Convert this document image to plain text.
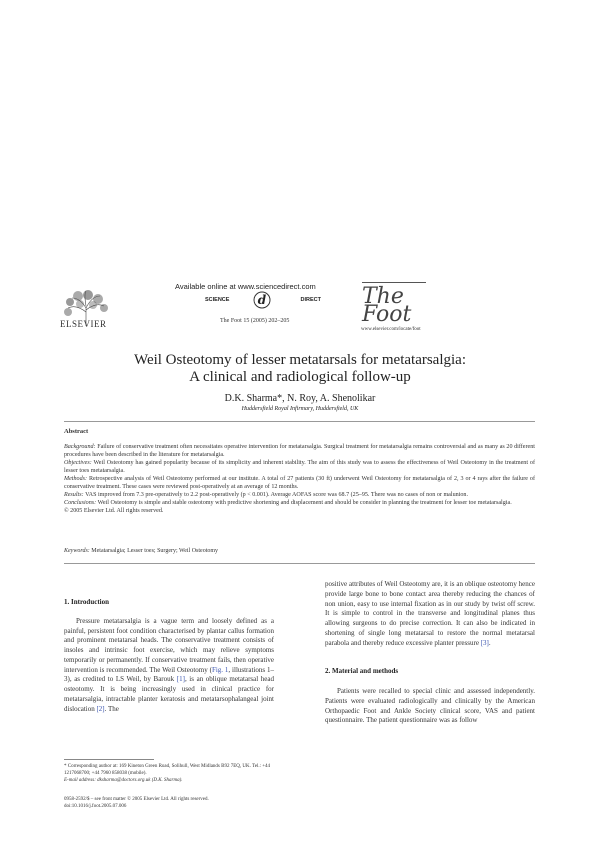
ELSEVIER
Available online at www.sciencedirect.com
SCIENCE d	DIRECT
The Foot 15 (2005) 202–205
The Foot
www.elsevier.com/locate/foot
Weil Osteotomy of lesser metatarsals for metatarsalgia:
A clinical and radiological follow-up
D.K. Sharma*, N. Roy, A. Shenolikar
Huddersfield Royal Infirmary, Huddersfield, UK
Abstract

Background: Failure of conservative treatment often necessitates operative intervention for metatarsalgia. Surgical treatment for metatarsalgia remains controversial and as many as 20 different procedures have been described in the literature for metatarsalgia.

Objectives: Weil Osteotomy has gained popularity because of its simplicity and inherent stability. The aim of this study was to assess the effectiveness of Weil Osteotomy in the treatment of lesser toes metatarsalgia.

Methods: Retrospective analysis of Weil Osteotomy performed at our institute. A total of 27 patients (30 ft) underwent Weil Osteotomy for metatarsalgia of 2, 3 or 4 rays after the failure of conservative treatment. These cases were reviewed post-operatively at an average of 12 months.

Results: VAS improved from 7.3 pre-operatively to 2.2 post-operatively (p < 0.001). Average AOFAS score was 68.7 (25–95. There was no cases of non or malunion.

Conclusions: Weil Osteotomy is simple and stable osteotomy with predictive shortening and displacement and should be consider in planning the treatment for lesser toe metatarsalgia.

© 2005 Elsevier Ltd. All rights reserved.

Keywords: Metatarsalgia; Lesser toes; Surgery; Weil Osteotomy
1. Introduction

Pressure metatarsalgia is a vague term and loosely defined as a painful, persistent foot condition characterised by plantar callus formation and prominent metatarsal heads. The conservative treatment consists of insoles and intrinsic foot exercise, which may relieve symptoms temporarily or permanently. If conservative treatment fails, then operative intervention is recommended. The Weil Osteotomy (Fig. 1, illustrations 1–3), as credited to LS Weil, by Barouk [1], is an oblique metatarsal head osteotomy. It is being increasingly used in clinical practice for metatarsalgia, intractable planter keratosis and metatarsophalangeal joint dislocation [2]. The

positive attributes of Weil Osteotomy are, it is an oblique osteotomy hence provide large bone to bone contact area thereby reducing the chances of non union, easy to use internal fixation as in our study by twist off screw. It is simple to control in the transverse and longitudinal planes thus allowing surgeons to do precise correction. It can also be indicated in shortening of single long metatarsal to restore the normal metatarsal parabola and thereby reduce excessive planter pressure [3].

2. Material and methods

Patients were recalled to special clinic and assessed independently. Patients were evaluated radiologically and clinically by the American Orthopaedic Foot and Ankle Society clinical score, VAS and patient questionnaire. The patient questionnaire was as follow

* Corresponding author at: 169 Kineton Green Road, Solihull, West Midlands B92 7EQ, UK. Tel.: +44 1217068700; +44 7960 858038 (mobile).
E-mail address: dksharma@doctors.org.uk (D.K. Sharma).
0958-2592/$ – see front matter © 2005 Elsevier Ltd. All rights reserved.
doi:10.1016/j.foot.2005.07.006
